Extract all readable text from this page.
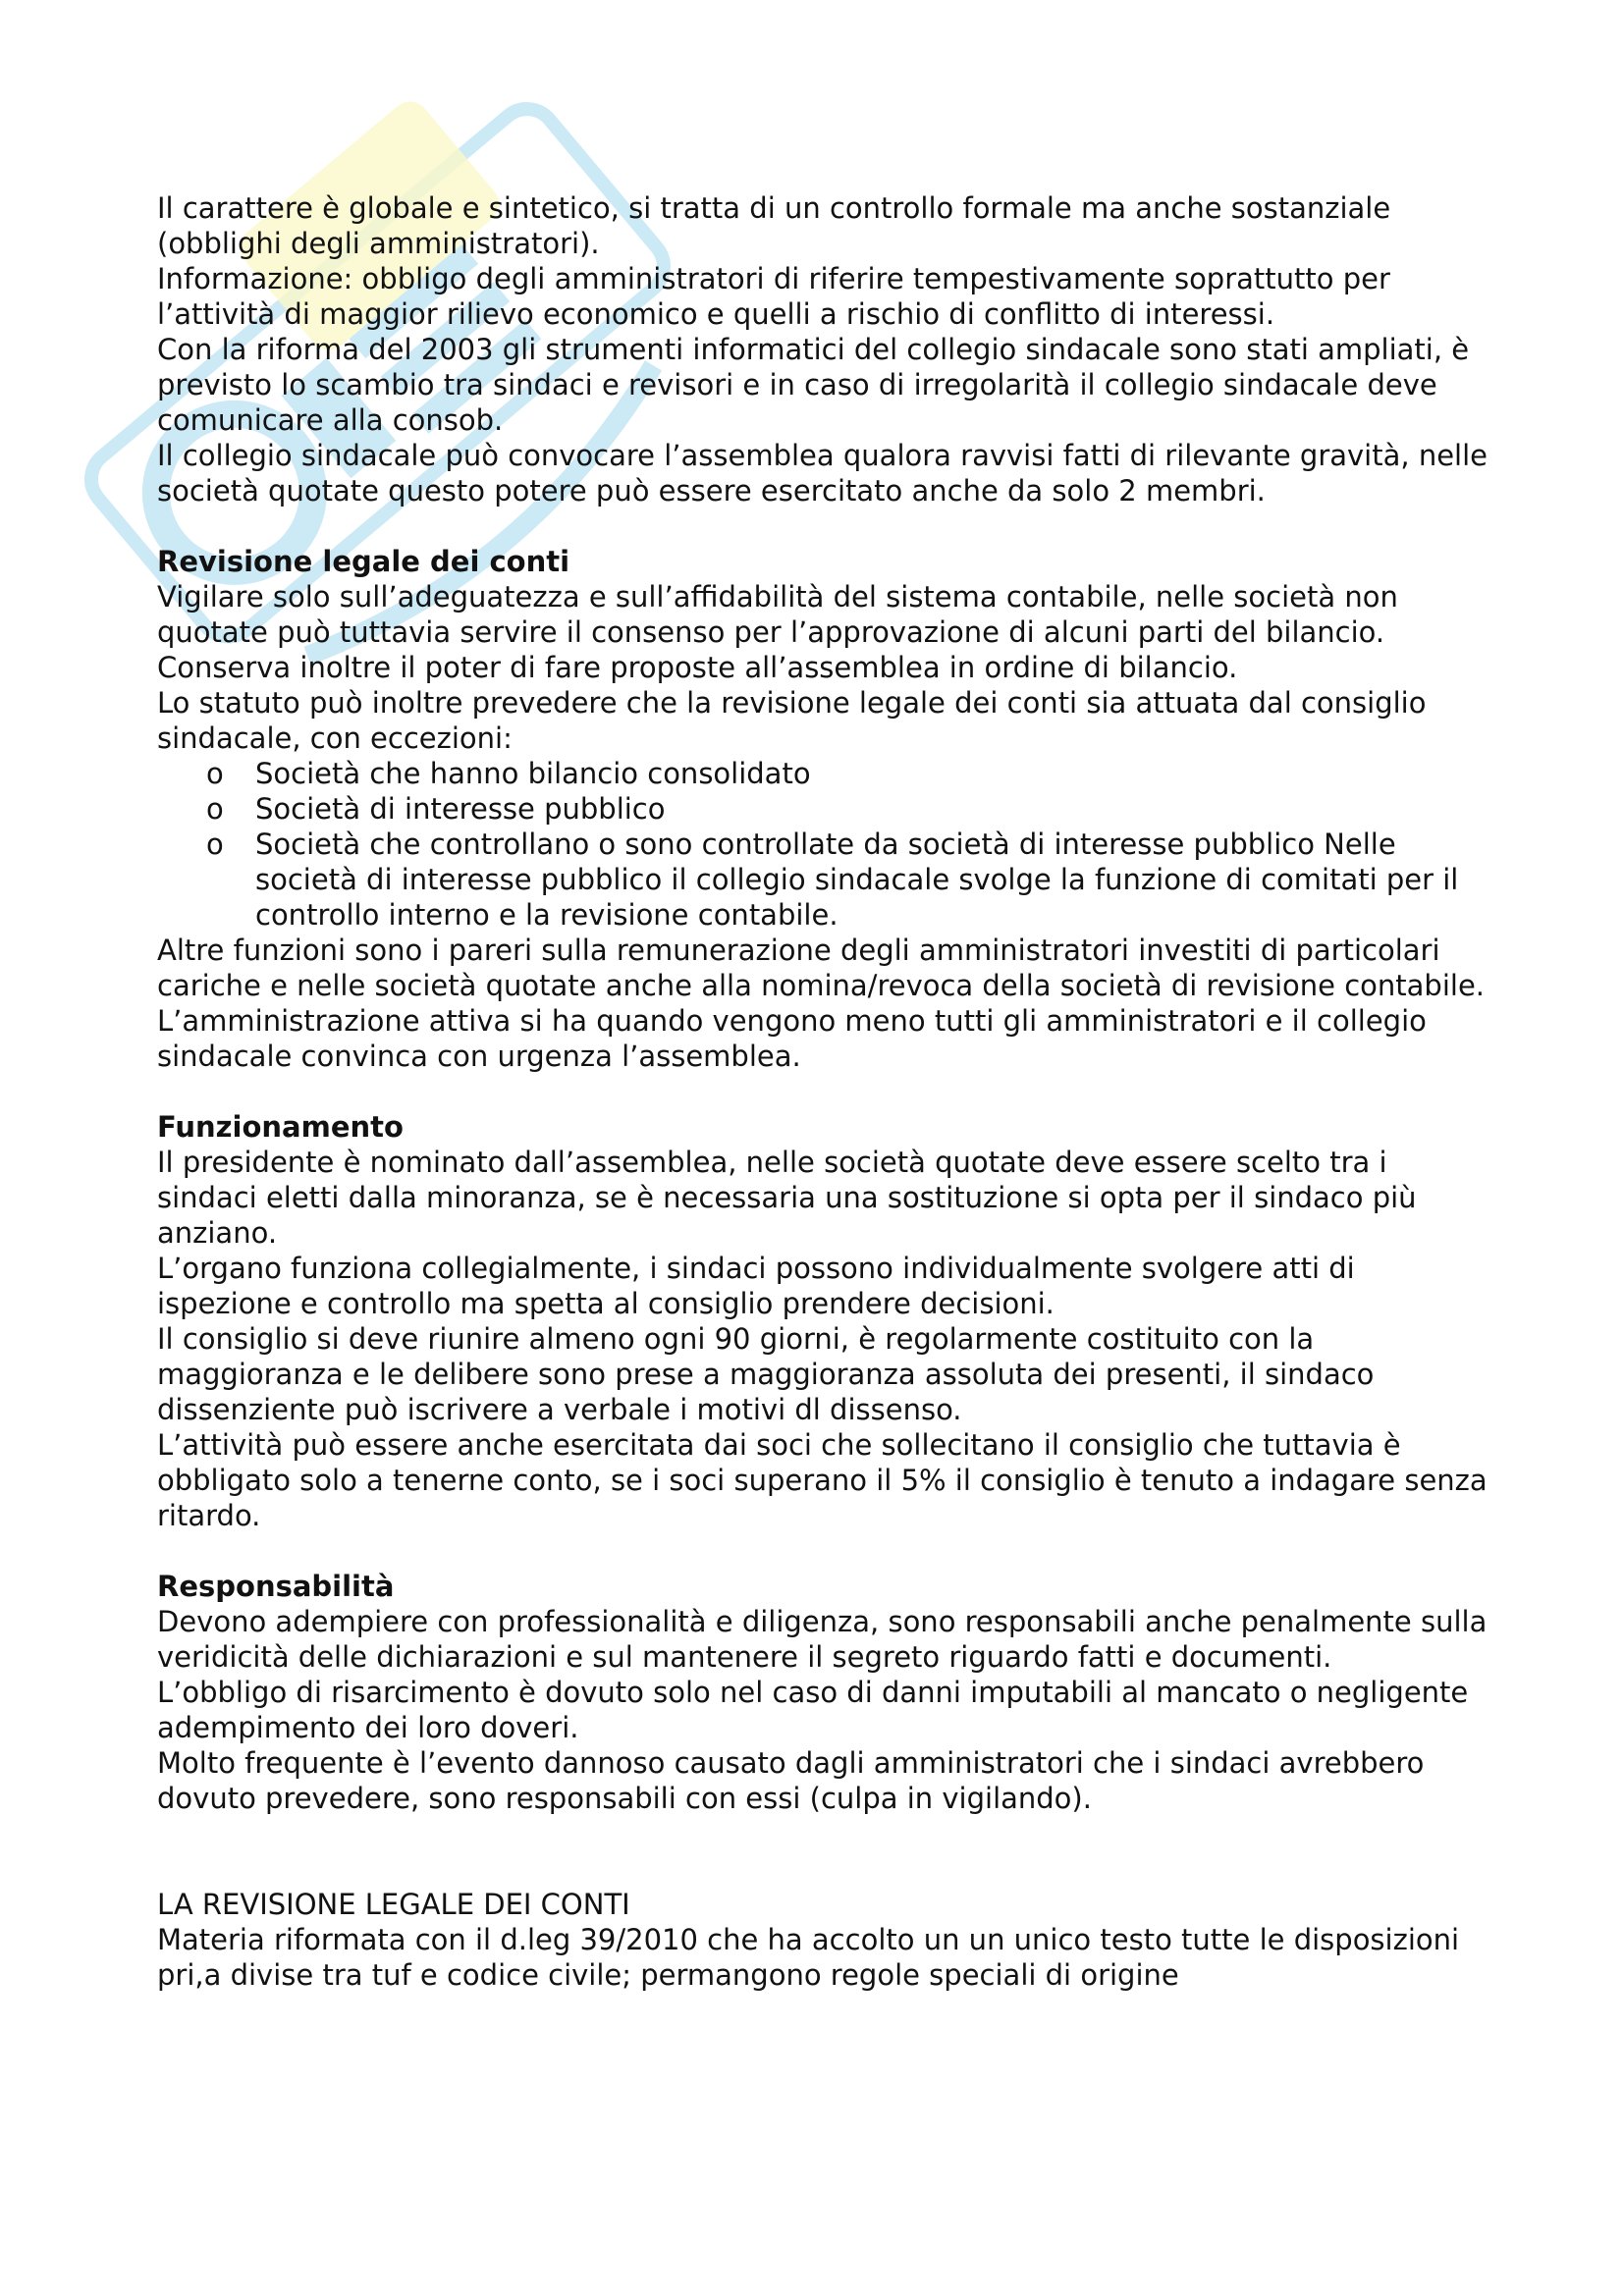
Il carattere è globale e sintetico, si tratta di un controllo formale ma anche sostanziale (obblighi degli amministratori).

Informazione: obbligo degli amministratori di riferire tempestivamente soprattutto per l’attività di maggior rilievo economico e quelli a rischio di conflitto di interessi.

Con la riforma del 2003 gli strumenti informatici del collegio sindacale sono stati ampliati, è previsto lo scambio tra sindaci e revisori e in caso di irregolarità il collegio sindacale deve comunicare alla consob.

Il collegio sindacale può convocare l’assemblea qualora ravvisi fatti di rilevante gravità, nelle società quotate questo potere può essere esercitato anche da solo 2 membri.

Revisione legale dei conti

Vigilare solo sull’adeguatezza e sull’affidabilità del sistema contabile, nelle società non quotate può tuttavia servire il consenso per l’approvazione di alcuni parti del bilancio.

Conserva inoltre il poter di fare proposte all’assemblea in ordine di bilancio.

Lo statuto può inoltre prevedere che la revisione legale dei conti sia attuata dal consiglio sindacale, con eccezioni:

o Società che hanno bilancio consolidato
o Società di interesse pubblico
o Società che controllano o sono controllate da società di interesse pubblico Nelle società di interesse pubblico il collegio sindacale svolge la funzione di comitati per il controllo interno e la revisione contabile.

Altre funzioni sono i pareri sulla remunerazione degli amministratori investiti di particolari cariche e nelle società quotate anche alla nomina/revoca della società di revisione contabile.

L’amministrazione attiva si ha quando vengono meno tutti gli amministratori e il collegio sindacale convinca con urgenza l’assemblea.

Funzionamento

Il presidente è nominato dall’assemblea, nelle società quotate deve essere scelto tra i sindaci eletti dalla minoranza, se è necessaria una sostituzione si opta per il sindaco più anziano.

L’organo funziona collegialmente, i sindaci possono individualmente svolgere atti di ispezione e controllo ma spetta al consiglio prendere decisioni.

Il consiglio si deve riunire almeno ogni 90 giorni, è regolarmente costituito con la maggioranza e le delibere sono prese a maggioranza assoluta dei presenti, il sindaco dissenziente può iscrivere a verbale i motivi dl dissenso.

L’attività può essere anche esercitata dai soci che sollecitano il consiglio che tuttavia è obbligato solo a tenerne conto, se i soci superano il 5% il consiglio è tenuto a indagare senza ritardo.

Responsabilità

Devono adempiere con professionalità e diligenza, sono responsabili anche penalmente sulla veridicità delle dichiarazioni e sul mantenere il segreto riguardo fatti e documenti.

L’obbligo di risarcimento è dovuto solo nel caso di danni imputabili al mancato o negligente adempimento dei loro doveri.

Molto frequente è l’evento dannoso causato dagli amministratori che i sindaci avrebbero dovuto prevedere, sono responsabili con essi (culpa in vigilando).

LA REVISIONE LEGALE DEI CONTI

Materia riformata con il d.leg 39/2010 che ha accolto un un unico testo tutte le disposizioni pri,a divise tra tuf e codice civile; permangono regole speciali di origine
